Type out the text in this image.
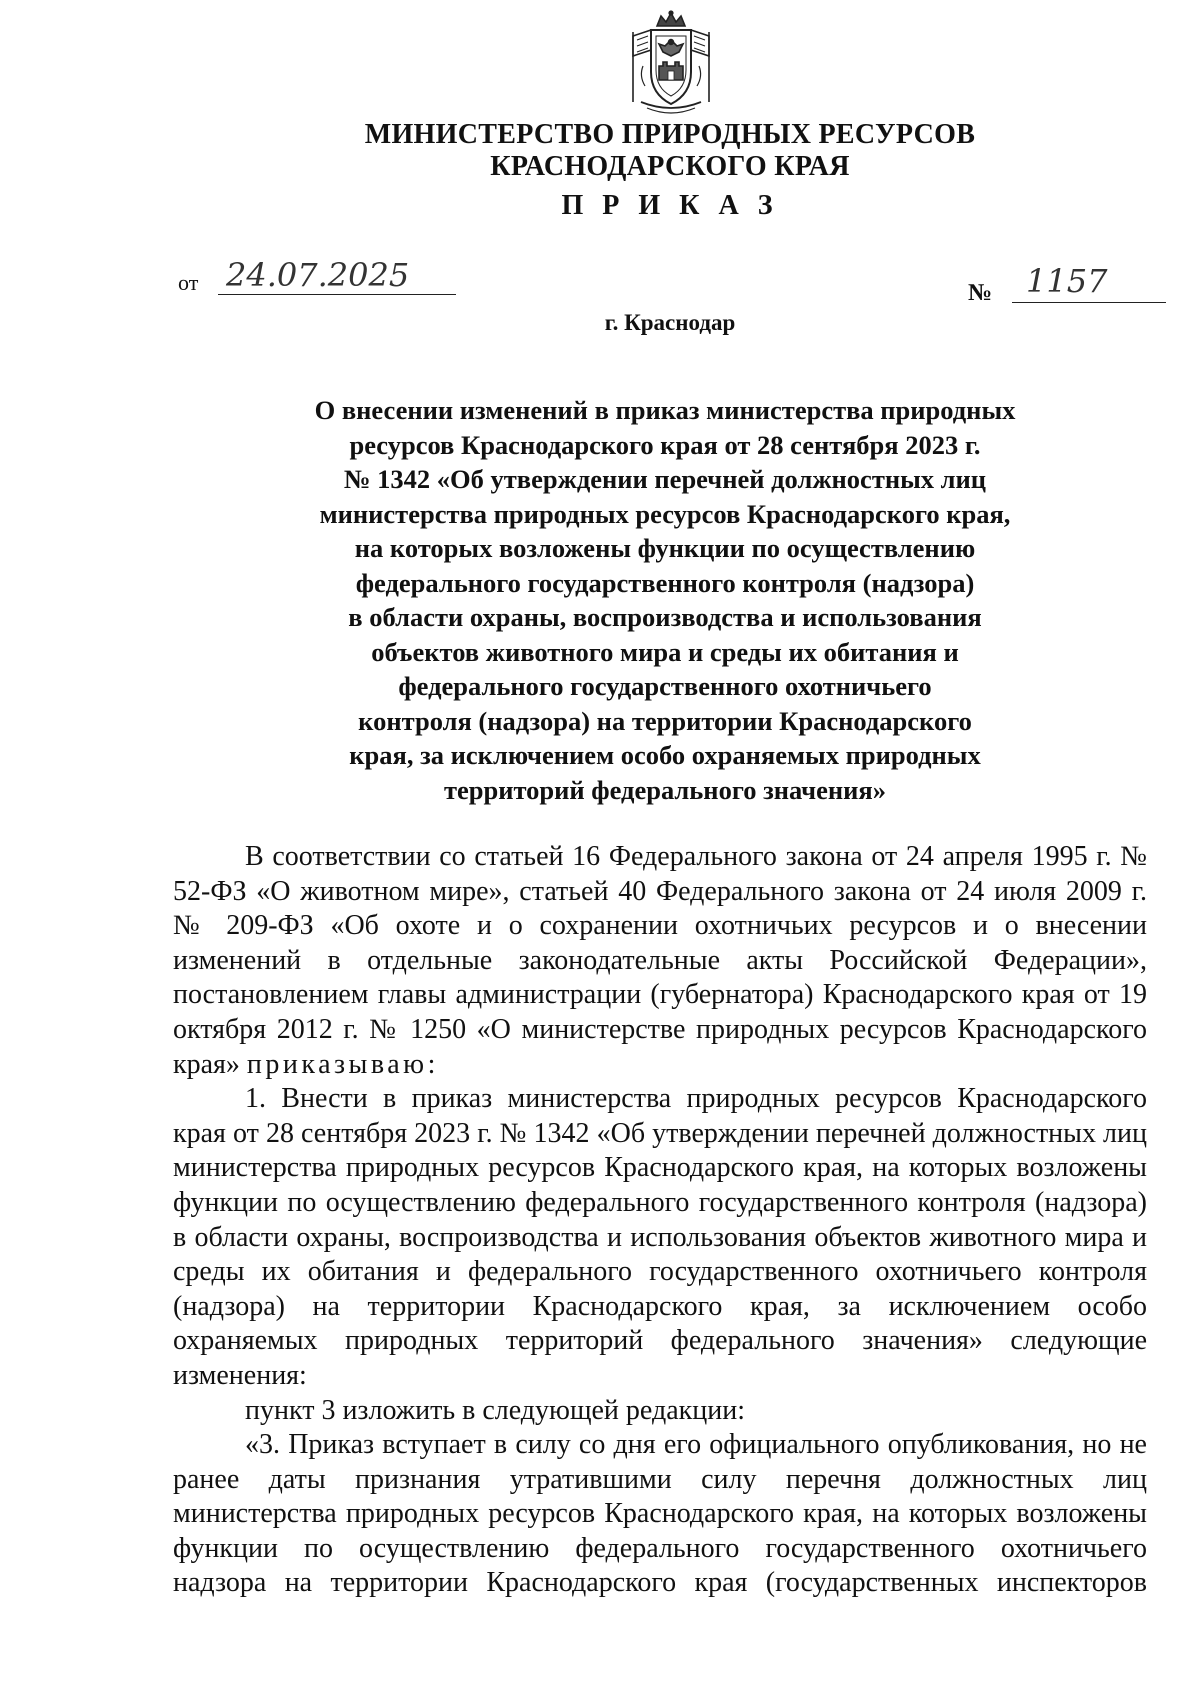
МИНИСТЕРСТВО ПРИРОДНЫХ РЕСУРСОВ
КРАСНОДАРСКОГО КРАЯ
П Р И К А З
от 24.07.2025	№	1157
г. Краснодар
О внесении изменений в приказ министерства природных
ресурсов Краснодарского края от 28 сентября 2023 г.
№ 1342 «Об утверждении перечней должностных лиц
министерства природных ресурсов Краснодарского края,
на которых возложены функции по осуществлению
федерального государственного контроля (надзора)
в области охраны, воспроизводства и использования
объектов животного мира и среды их обитания и
федерального государственного охотничьего
контроля (надзора) на территории Краснодарского
края, за исключением особо охраняемых природных
территорий федерального значения»

В соответствии со статьей 16 Федерального закона от 24 апреля 1995 г. № 52-ФЗ «О животном мире», статьей 40 Федерального закона от 24 июля 2009 г. № 209-ФЗ «Об охоте и о сохранении охотничьих ресурсов и о внесении изменений в отдельные законодательные акты Российской Федерации», постановлением главы администрации (губернатора) Краснодарского края от 19 октября 2012 г. № 1250 «О министерстве природных ресурсов Краснодарского края» приказываю:

1. Внести в приказ министерства природных ресурсов Краснодарского края от 28 сентября 2023 г. № 1342 «Об утверждении перечней должностных лиц министерства природных ресурсов Краснодарского края, на которых возложены функции по осуществлению федерального государственного контроля (надзора) в области охраны, воспроизводства и использования объектов животного мира и среды их обитания и федерального государственного охотничьего контроля (надзора) на территории Краснодарского края, за исключением особо охраняемых природных территорий федерального значения» следующие изменения:

пункт 3 изложить в следующей редакции:

«3. Приказ вступает в силу со дня его официального опубликования, но не ранее даты признания утратившими силу перечня должностных лиц министерства природных ресурсов Краснодарского края, на которых возложены функции по осуществлению федерального государственного охотничьего надзора на территории Краснодарского края (государственных инспекторов
